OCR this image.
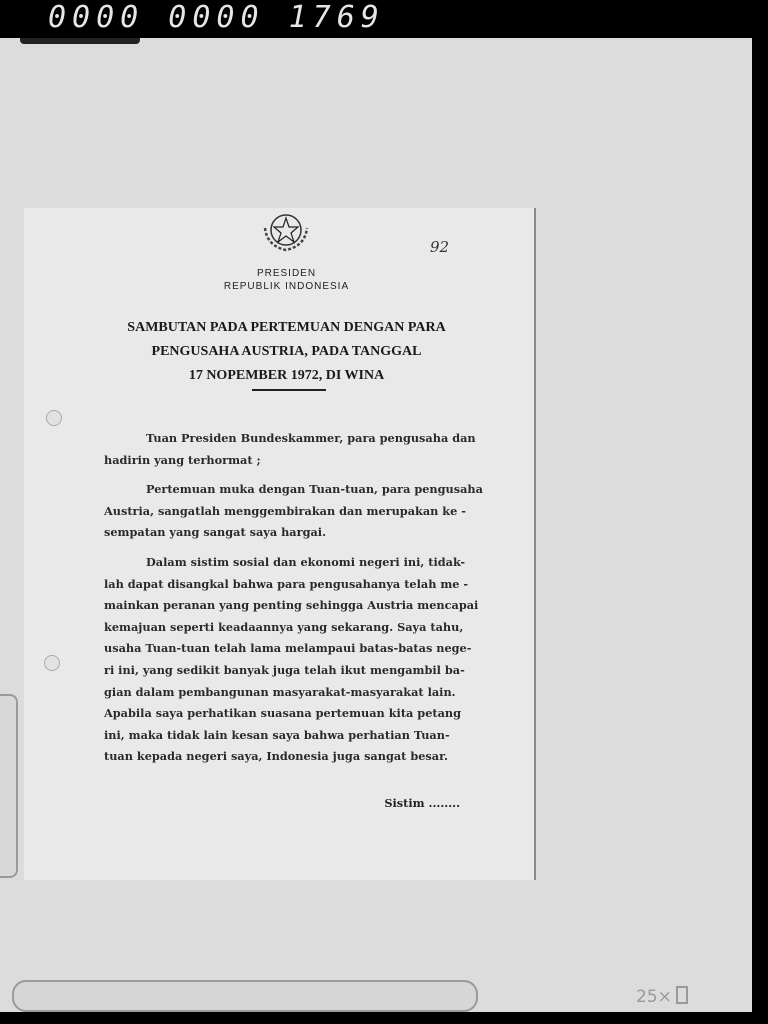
0000 0000 1769
92
PRESIDEN
REPUBLIK INDONESIA
SAMBUTAN PADA PERTEMUAN DENGAN PARA
PENGUSAHA AUSTRIA, PADA TANGGAL
17 NOPEMBER 1972, DI WINA

Tuan Presiden Bundeskammer, para pengusaha dan
hadirin yang terhormat ;

Pertemuan muka dengan Tuan-tuan, para pengusaha
Austria, sangatlah menggembirakan dan merupakan ke -
sempatan yang sangat saya hargai.

Dalam sistim sosial dan ekonomi negeri ini, tidak-
lah dapat disangkal bahwa para pengusahanya telah me -
mainkan peranan yang penting sehingga Austria mencapai
kemajuan seperti keadaannya yang sekarang. Saya tahu,
usaha Tuan-tuan telah lama melampaui batas-batas nege-
ri ini, yang sedikit banyak juga telah ikut mengambil ba-
gian dalam pembangunan masyarakat-masyarakat lain.
Apabila saya perhatikan suasana pertemuan kita petang
ini, maka tidak lain kesan saya bahwa perhatian Tuan-
tuan kepada negeri saya, Indonesia juga sangat besar.

Sistim ........
25×
